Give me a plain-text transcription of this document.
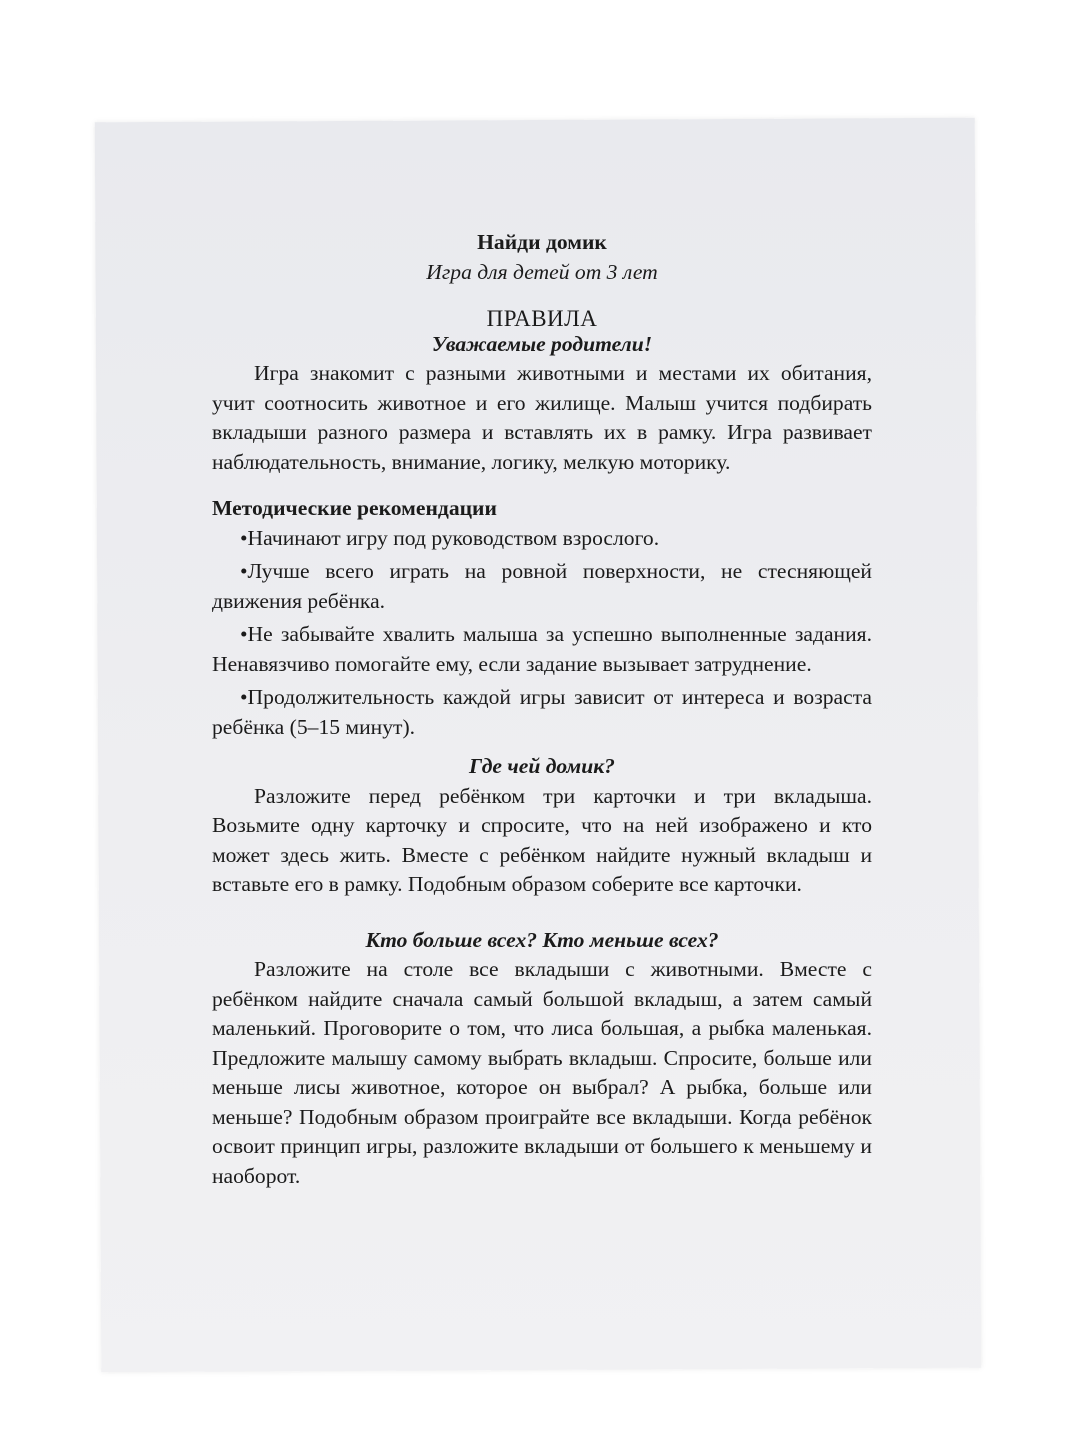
Найди домик

Игра для детей от 3 лет

ПРАВИЛА

Уважаемые родители!

Игра знакомит с разными животными и местами их обитания, учит соотносить животное и его жилище. Малыш учится подбирать вкладыши разного размера и вставлять их в рамку. Игра развивает наблюдательность, внимание, логику, мелкую моторику.

Методические рекомендации

•Начинают игру под руководством взрослого.

•Лучше всего играть на ровной поверхности, не стесняющей движения ребёнка.

•Не забывайте хвалить малыша за успешно выполненные задания. Ненавязчиво помогайте ему, если задание вызывает затруднение.

•Продолжительность каждой игры зависит от интереса и возраста ребёнка (5–15 минут).

Где чей домик?

Разложите перед ребёнком три карточки и три вкладыша. Возьмите одну карточку и спросите, что на ней изображено и кто может здесь жить. Вместе с ребёнком найдите нужный вкладыш и вставьте его в рамку. Подобным образом соберите все карточки.

Кто больше всех? Кто меньше всех?

Разложите на столе все вкладыши с животными. Вместе с ребёнком найдите сначала самый большой вкладыш, а затем самый маленький. Проговорите о том, что лиса большая, а рыбка маленькая. Предложите малышу самому выбрать вкладыш. Спросите, больше или меньше лисы животное, которое он выбрал? А рыбка, больше или меньше? Подобным образом проиграйте все вкладыши. Когда ребёнок освоит принцип игры, разложите вкладыши от большего к меньшему и наоборот.
